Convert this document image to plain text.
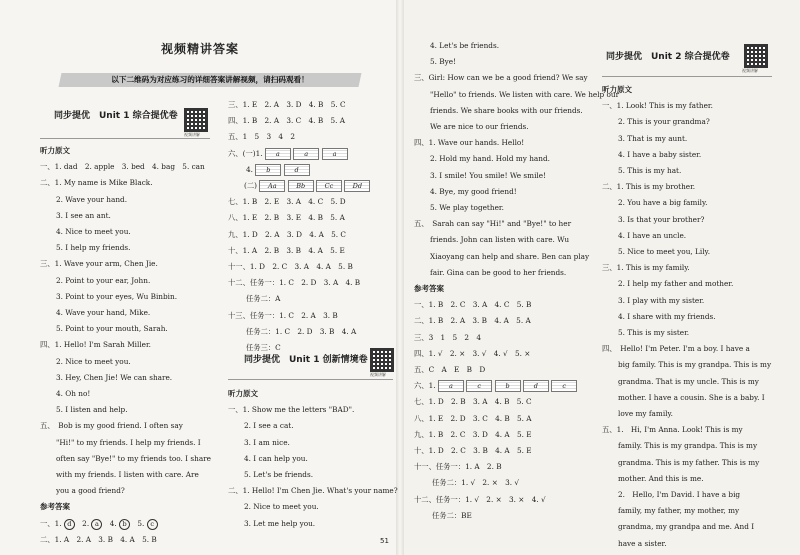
视频精讲答案
以下二维码为对应练习的详细答案讲解视频，请扫码观看！
视频讲解
同步提优　Unit 1 综合提优卷
听力原文
一、1. dad　2. apple　3. bed　4. bag　5. can
二、1. My name is Mike Black.
2. Wave your hand.
3. I see an ant.
4. Nice to meet you.
5. I help my friends.
三、1. Wave your arm, Chen Jie.
2. Point to your ear, John.
3. Point to your eyes, Wu Binbin.
4. Wave your hand, Mike.
5. Point to your mouth, Sarah.
四、1. Hello! I'm Sarah Miller.
2. Nice to meet you.
3. Hey, Chen Jie! We can share.
4. Oh no!
5. I listen and help.
五、　Bob is my good friend. I often say
"Hi!" to my friends. I help my friends. I
often say "Bye!" to my friends too. I share
with my friends. I listen with care. Are
you a good friend?
参考答案
一、1. d　2. a　4. b　5. c
二、1. A　2. A　3. B　4. A　5. B
三、1. E　2. A　3. D　4. B　5. C
四、1. B　2. A　3. C　4. B　5. A
五、1　5　3　4　2
六、(一)1. a	a	a
4. b	d
(二) Aa	Bb	Cc	Dd
七、1. B　2. E　3. A　4. C　5. D
八、1. E　2. B　3. E　4. B　5. A
九、1. D　2. A　3. D　4. A　5. C
十、1. A　2. B　3. B　4. A　5. E
十一、1. D　2. C　3. A　4. A　5. B
十二、任务一：1. C　2. D　3. A　4. B
任务二：A
十三、任务一：1. C　2. A　3. B
任务二：1. C　2. D　3. B　4. A
任务三：C
同步提优　Unit 1 创新情境卷
视频讲解
听力原文
一、1. Show me the letters "BAD".
2. I see a cat.
3. I am nice.
4. I can help you.
5. Let's be friends.
二、1. Hello! I'm Chen Jie. What's your name?
2. Nice to meet you.
3. Let me help you.
4. Let's be friends.
5. Bye!
三、Girl: How can we be a good friend? We say
"Hello" to friends. We listen with care. We help our
friends. We share books with our friends.
We are nice to our friends.
四、1. Wave our hands. Hello!
2. Hold my hand. Hold my hand.
3. I smile! You smile! We smile!
4. Bye, my good friend!
5. We play together.
五、　Sarah can say "Hi!" and "Bye!" to her
friends. John can listen with care. Wu
Xiaoyang can help and share. Ben can play
fair. Gina can be good to her friends.
参考答案
一、1. B　2. C　3. A　4. C　5. B
二、1. B　2. A　3. B　4. A　5. A
三、3　1　5　2　4
四、1. √　2. ×　3. √　4. √　5. ×
五、C　A　E　B　D
六、1. a	c	b	d	c
七、1. D　2. B　3. A　4. B　5. C
八、1. E　2. D　3. C　4. B　5. A
九、1. B　2. C　3. D　4. A　5. E
十、1. D　2. C　3. B　4. A　5. E
十一、任务一：1. A　2. B
任务二：1. √　2. ×　3. √
十二、任务一：1. √　2. ×　3. ×　4. √
任务二：BE
同步提优　Unit 2 综合提优卷
视频讲解
听力原文
一、1. Look! This is my father.
2. This is your grandma?
3. That is my aunt.
4. I have a baby sister.
5. This is my hat.
二、1. This is my brother.
2. You have a big family.
3. Is that your brother?
4. I have an uncle.
5. Nice to meet you, Lily.
三、1. This is my family.
2. I help my father and mother.
3. I play with my sister.
4. I share with my friends.
5. This is my sister.
四、　Hello! I'm Peter. I'm a boy. I have a
big family. This is my grandpa. This is my
grandma. That is my uncle. This is my
mother. I have a cousin. She is a baby. I
love my family.
五、1.　Hi, I'm Anna. Look! This is my
family. This is my grandpa. This is my
grandma. This is my father. This is my
mother. And this is me.
2.　Hello, I'm David. I have a big
family, my father, my mother, my
grandma, my grandpa and me. And I
have a sister.
51
